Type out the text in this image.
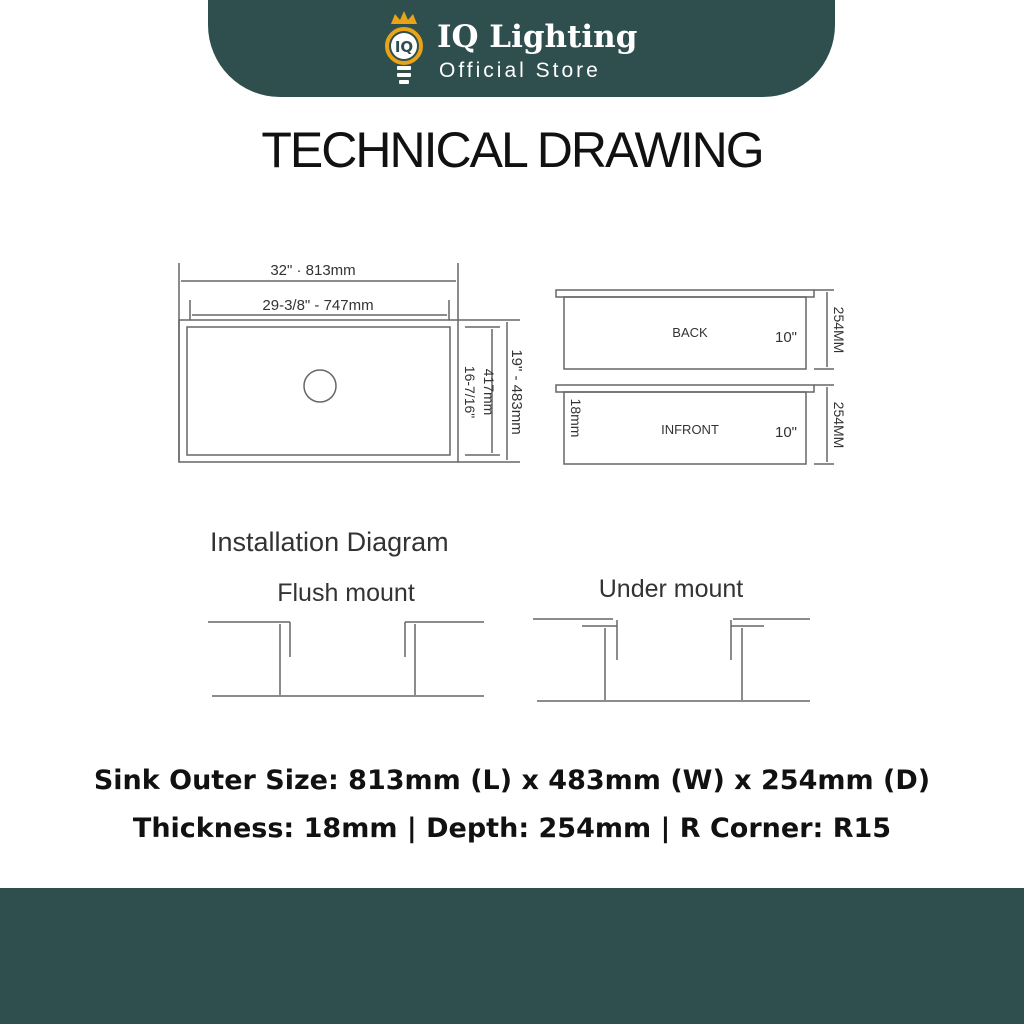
IQ IQ Lighting
Official Store
TECHNICAL DRAWING
32" · 813mm
29-3/8" - 747mm
417mm
16-7/16" 19" - 483mm
BACK	10" 254MM
INFRONT	10" 254MM
18mm
Installation Diagram
Flush mount	Under mount
Sink Outer Size: 813mm (L) x 483mm (W) x 254mm (D)
Thickness: 18mm | Depth: 254mm | R Corner: R15
